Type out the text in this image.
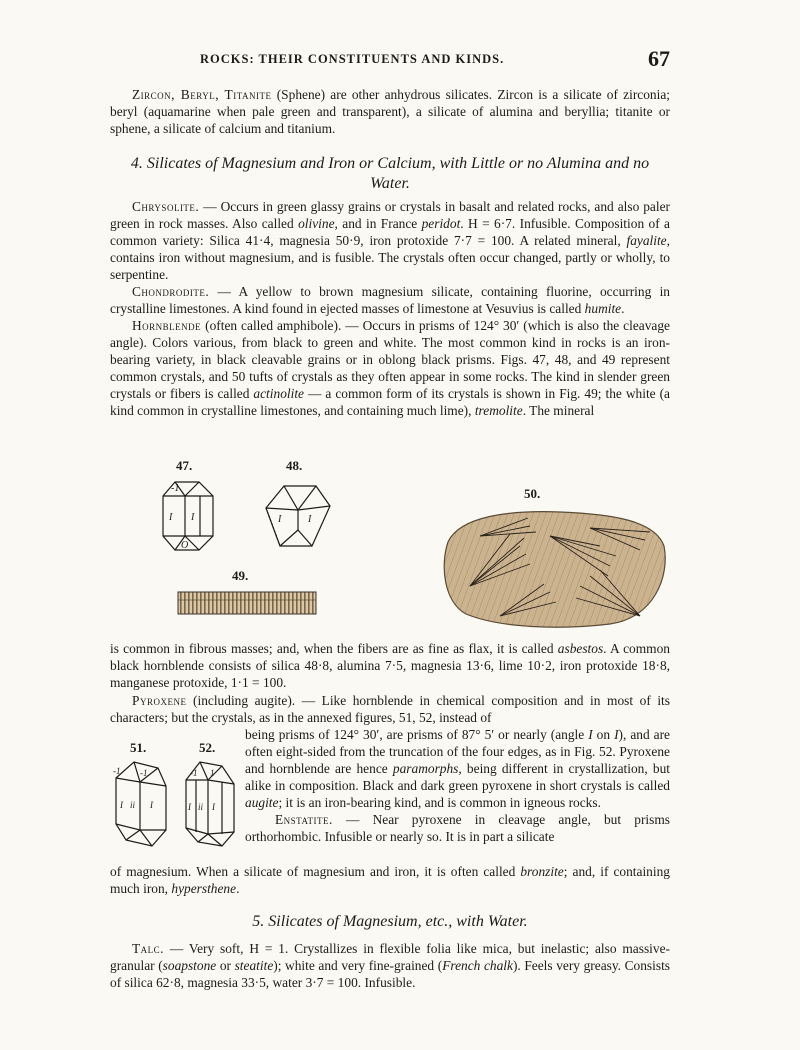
ROCKS: THEIR CONSTITUENTS AND KINDS.	67

Zircon, Beryl, Titanite (Sphene) are other anhydrous silicates. Zircon is a silicate of zirconia; beryl (aquamarine when pale green and transparent), a silicate of alumina and beryllia; titanite or sphene, a silicate of calcium and titanium.

4. Silicates of Magnesium and Iron or Calcium, with Little or no Alumina and no Water.

Chrysolite. — Occurs in green glassy grains or crystals in basalt and related rocks, and also paler green in rock masses. Also called olivine, and in France peridot. H = 6·7. Infusible. Composition of a common variety: Silica 41·4, magnesia 50·9, iron protoxide 7·7 = 100. A related mineral, fayalite, contains iron without magnesium, and is fusible. The crystals often occur changed, partly or wholly, to serpentine.

Chondrodite. — A yellow to brown magnesium silicate, containing fluorine, occurring in crystalline limestones. A kind found in ejected masses of limestone at Vesuvius is called humite.

Hornblende (often called amphibole). — Occurs in prisms of 124° 30′ (which is also the cleavage angle). Colors various, from black to green and white. The most common kind in rocks is an iron-bearing variety, in black cleavable grains or in oblong black prisms. Figs. 47, 48, and 49 represent common crystals, and 50 tufts of crystals as they often appear in some rocks. The kind in slender green crystals or fibers is called actinolite — a common form of its crystals is shown in Fig. 49; the white (a kind common in crystalline limestones, and containing much lime), tremolite. The mineral

47.	48.
49.
50.
-1
I I
O
I	I

is common in fibrous masses; and, when the fibers are as fine as flax, it is called asbestos. A common black hornblende consists of silica 48·8, alumina 7·5, magnesia 13·6, lime 10·2, iron protoxide 18·8, manganese protoxide, 1·1 = 100.

Pyroxene (including augite). — Like hornblende in chemical composition and in most of its characters; but the crystals, as in the annexed figures, 51, 52, instead of

51.	52.
-1 -1
I ii I
-1 1
I ii I

being prisms of 124° 30′, are prisms of 87° 5′ or nearly (angle I on I), and are often eight-sided from the truncation of the four edges, as in Fig. 52. Pyroxene and hornblende are hence paramorphs, being different in crystallization, but alike in composition. Black and dark green pyroxene in short crystals is called augite; it is an iron-bearing kind, and is common in igneous rocks.

Enstatite. — Near pyroxene in cleavage angle, but prisms orthorhombic. Infusible or nearly so. It is in part a silicate

of magnesium. When a silicate of magnesium and iron, it is often called bronzite; and, if containing much iron, hypersthene.

5. Silicates of Magnesium, etc., with Water.

Talc. — Very soft, H = 1. Crystallizes in flexible folia like mica, but inelastic; also massive-granular (soapstone or steatite); white and very fine-grained (French chalk). Feels very greasy. Consists of silica 62·8, magnesia 33·5, water 3·7 = 100. Infusible.
